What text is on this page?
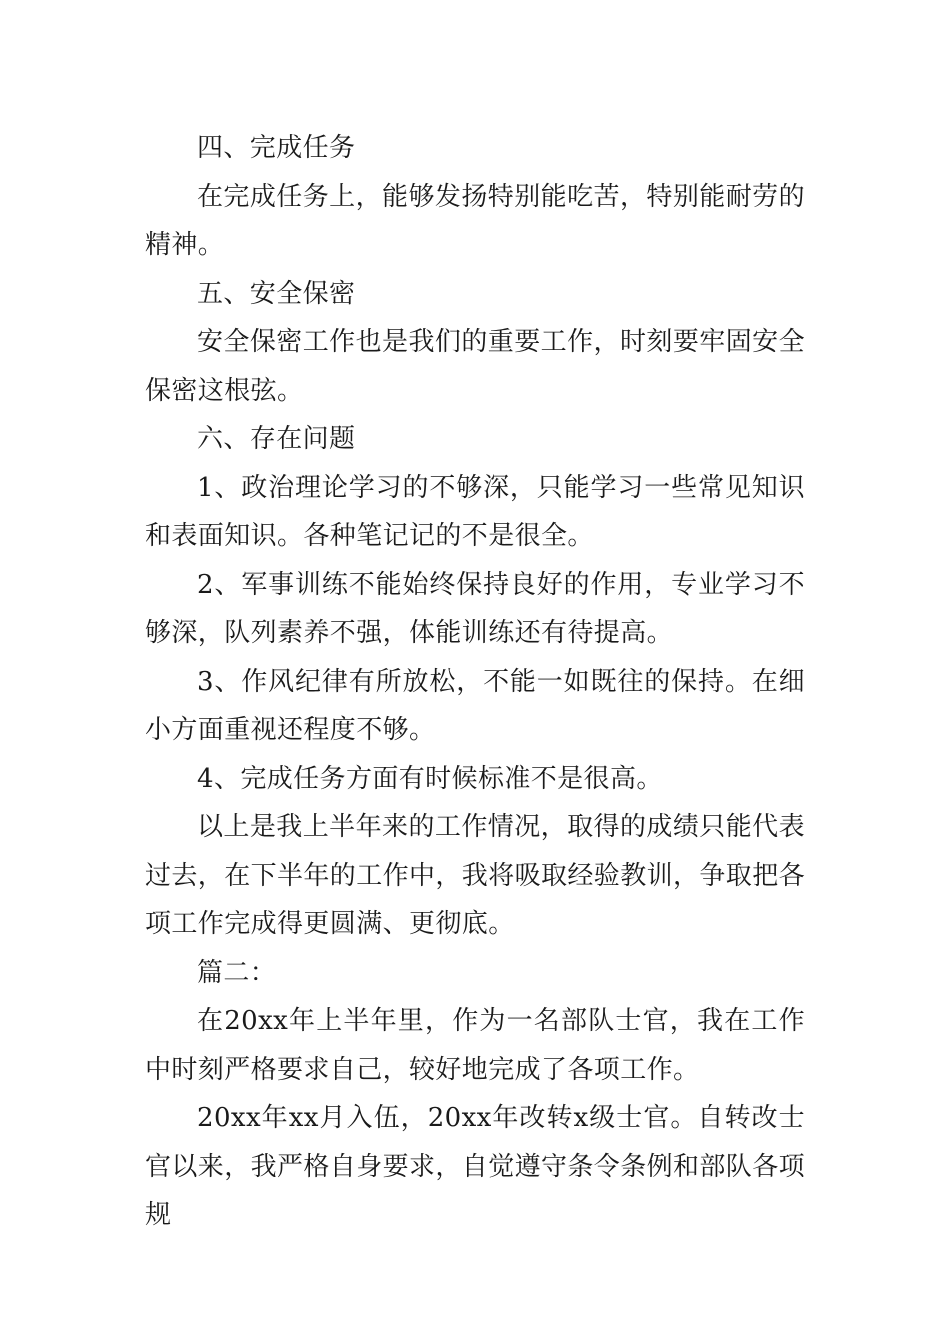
四、完成任务

在完成任务上，能够发扬特别能吃苦，特别能耐劳的精神。

五、安全保密

安全保密工作也是我们的重要工作，时刻要牢固安全保密这根弦。

六、存在问题

1、政治理论学习的不够深，只能学习一些常见知识和表面知识。各种笔记记的不是很全。

2、军事训练不能始终保持良好的作用，专业学习不够深，队列素养不强，体能训练还有待提高。

3、作风纪律有所放松，不能一如既往的保持。在细小方面重视还程度不够。

4、完成任务方面有时候标准不是很高。

以上是我上半年来的工作情况，取得的成绩只能代表过去，在下半年的工作中，我将吸取经验教训，争取把各项工作完成得更圆满、更彻底。

篇二：

在20xx年上半年里，作为一名部队士官，我在工作中时刻严格要求自己，较好地完成了各项工作。

20xx年xx月入伍，20xx年改转x级士官。自转改士官以来，我严格自身要求，自觉遵守条令条例和部队各项规
